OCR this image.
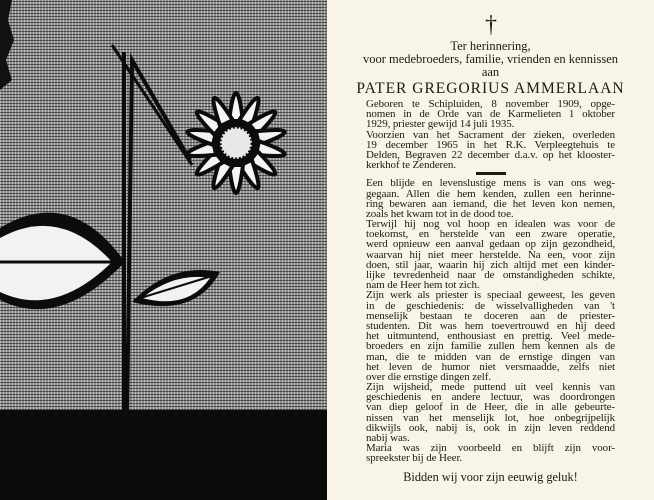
†
Ter herinnering,
voor medebroeders, familie, vrienden en kennissen
aan
PATER GREGORIUS AMMERLAAN
Geboren te Schipluiden, 8 november 1909, opge-
nomen in de Orde van de Karmelieten 1 oktober
1929, priester gewijd 14 juli 1935.
Voorzien van het Sacrament der zieken, overleden
19 december 1965 in het R.K. Verpleegtehuis te
Delden, Begraven 22 december d.a.v. op het klooster-
kerkhof te Zenderen.
Een blijde en levenslustige mens is van ons weg-
gegaan. Allen die hem kenden, zullen een herinne-
ring bewaren aan iemand, die het leven kon nemen,
zoals het kwam tot in de dood toe.
Terwijl hij nog vol hoop en idealen was voor de
toekomst, en herstelde van een zware operatie,
werd opnieuw een aanval gedaan op zijn gezondheid,
waarvan hij niet meer herstelde. Na een, voor zijn
doen, stil jaar, waarin hij zich altijd met een kinder-
lijke tevredenheid naar de omstandigheden schikte,
nam de Heer hem tot zich.
Zijn werk als priester is speciaal geweest, les geven
in de geschiedenis: de wisselvalligheden van 't
menselijk bestaan te doceren aan de priester-
studenten. Dit was hem toevertrouwd en hij deed
het uitmuntend, enthousiast en prettig. Veel mede-
broeders en zijn familie zullen hem kennen als de
man, die te midden van de ernstige dingen van
het leven de humor niet versmaadde, zelfs niet
over die ernstige dingen zelf.
Zijn wijsheid, mede puttend uit veel kennis van
geschiedenis en andere lectuur, was doordrongen
van diep geloof in de Heer, die in alle gebeurte-
nissen van het menselijk lot, hoe onbegrijpelijk
dikwijls ook, nabij is, ook in zijn leven reddend
nabij was.
Maria was zijn voorbeeld en blijft zijn voor-
spreekster bij de Heer.
Bidden wij voor zijn eeuwig geluk!
